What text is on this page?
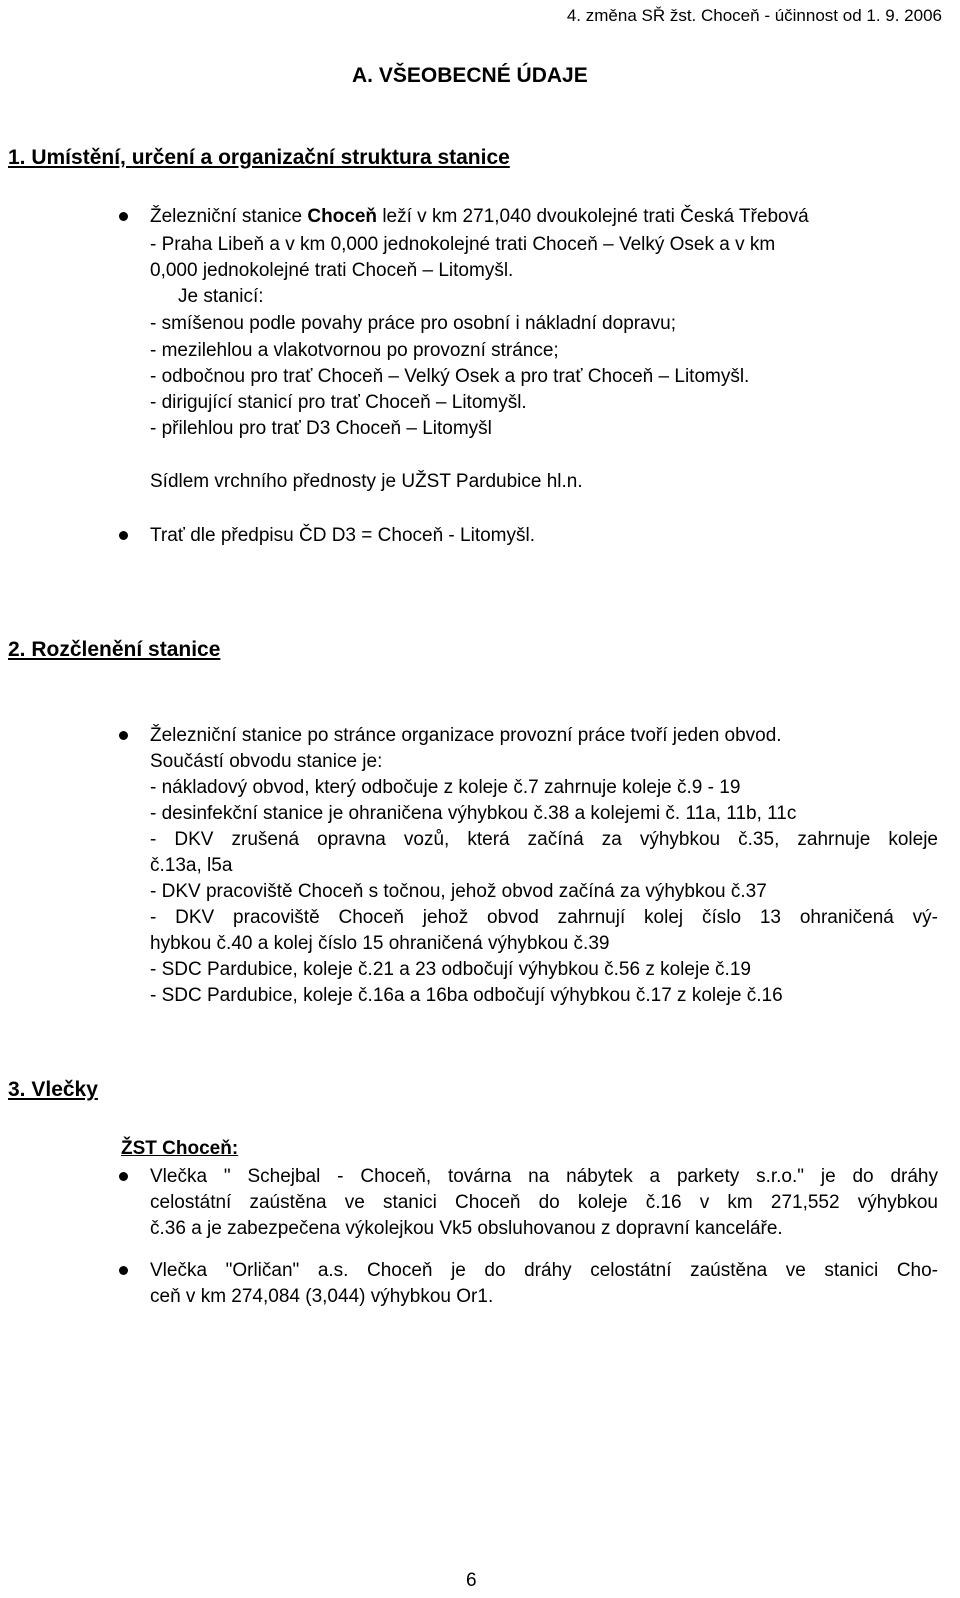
4. změna SŘ žst. Choceň - účinnost od 1. 9. 2006
A. VŠEOBECNÉ ÚDAJE
1. Umístění, určení a organizační struktura stanice
Železniční stanice Choceň leží v km 271,040 dvoukolejné trati Česká Třebová
- Praha Libeň a v km 0,000 jednokolejné trati Choceň – Velký Osek a v km
0,000 jednokolejné trati Choceň – Litomyšl.
Je stanicí:
- smíšenou podle povahy práce pro osobní i nákladní dopravu;
- mezilehlou a vlakotvornou po provozní stránce;
- odbočnou pro trať Choceň – Velký Osek a pro trať Choceň – Litomyšl.
- dirigující stanicí pro trať Choceň – Litomyšl.
- přilehlou pro trať D3 Choceň – Litomyšl
Sídlem vrchního přednosty je UŽST Pardubice hl.n.
Trať dle předpisu ČD D3 = Choceň - Litomyšl.
2. Rozčlenění stanice
Železniční stanice po stránce organizace provozní práce tvoří jeden obvod.
Součástí obvodu stanice je:
- nákladový obvod, který odbočuje z koleje č.7 zahrnuje koleje č.9 - 19
- desinfekční stanice je ohraničena výhybkou č.38 a kolejemi č. 11a, 11b, 11c
- DKV zrušená opravna vozů, která začíná za výhybkou č.35, zahrnuje koleje
č.13a, l5a
- DKV pracoviště Choceň s točnou, jehož obvod začíná za výhybkou č.37
- DKV pracoviště Choceň jehož obvod zahrnují kolej číslo 13 ohraničená vý-
hybkou č.40 a kolej číslo 15 ohraničená výhybkou č.39
- SDC Pardubice, koleje č.21 a 23 odbočují výhybkou č.56 z koleje č.19
- SDC Pardubice, koleje č.16a a 16ba odbočují výhybkou č.17 z koleje č.16
3. Vlečky
ŽST Choceň:
Vlečka " Schejbal - Choceň, továrna na nábytek a parkety s.r.o." je do dráhy
celostátní zaústěna ve stanici Choceň do koleje č.16 v km 271,552 výhybkou
č.36 a je zabezpečena výkolejkou Vk5 obsluhovanou z dopravní kanceláře.
Vlečka "Orličan" a.s. Choceň je do dráhy celostátní zaústěna ve stanici Cho-
ceň v km 274,084 (3,044) výhybkou Or1.
6
